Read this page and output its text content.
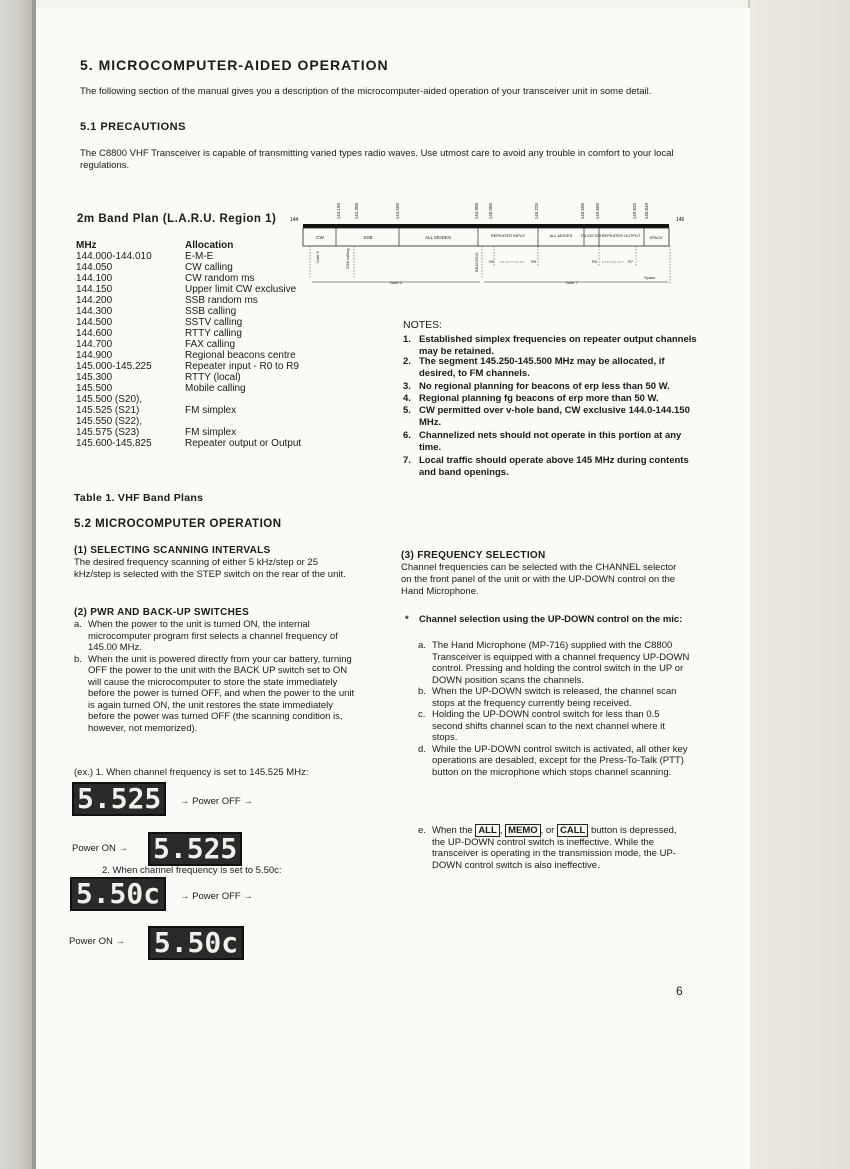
5. MICROCOMPUTER-AIDED OPERATION

The following section of the manual gives you a description of the microcomputer-aided operation of your transceiver unit in some detail.

5.1 PRECAUTIONS

The C8800 VHF Transceiver is capable of transmitting varied types radio waves. Use utmost care to avoid any trouble in comfort to your local regulations.

2m Band Plan (L.A.R.U. Region 1)
MHz	Allocation
144.000-144.010	E-M-E
144.050	CW calling
144.100	CW random ms
144.150	Upper limit CW exclusive
144.200	SSB random ms
144.300	SSB calling
144.500	SSTV calling
144.600	RTTY calling
144.700	FAX calling
144.900	Regional beacons centre
145.000-145.225	Repeater input - R0 to R9
145.300	RTTY (local)
145.500	Mobile calling
145.500 (S20),
145.525 (S21)	FM simplex
145.550 (S22),
145.575 (S23)	FM simplex
145.600-145.825	Repeater output or Output

Table 1. VHF Band Plans

144.150	144.300	144.500	144.900 145.000	145.225	145.500 145.600	145.825 145.849
144	146
CW	SSB	ALL MODES	REPEATER INPUT	ALL MODES FM S20 S23 REPEATER OUTPUT SPACE
Note 5	SSB calling	BEACONS	R0	R9	R0	R7
Note 6	Note 7
Space

NOTES:

1. Established simplex frequencies on repeater output channels may be retained.
2. The segment 145.250-145.500 MHz may be allocated, if desired, to FM channels.
3. No regional planning for beacons of erp less than 50 W.
4. Regional planning fg beacons of erp more than 50 W.
5. CW permitted over v-hole band, CW exclusive 144.0-144.150 MHz.
6. Channelized nets should not operate in this portion at any time.
7. Local traffic should operate above 145 MHz during contents and band openings.
5.2 MICROCOMPUTER OPERATION

(1) SELECTING SCANNING INTERVALS

The desired frequency scanning of either 5 kHz/step or 25 kHz/step is selected with the STEP switch on the rear of the unit.

(2) PWR AND BACK-UP SWITCHES

a. When the power to the unit is turned ON, the internal microcomputer program first selects a channel frequency of 145.00 MHz.
b. When the unit is powered directly from your car battery, turning OFF the power to the unit with the BACK UP switch set to ON will cause the microcomputer to store the state immediately before the power is turned OFF, and when the power to the unit is again turned ON, the unit restores the state immediately before the power was turned OFF (the scanning condition is, however, not memorized).

(ex.) 1. When channel frequency is set to 145.525 MHz:

5.525 → Power OFF →
Power ON → 5.525

2. When channel frequency is set to 5.50c:

5.50c → Power OFF →
Power ON → 5.50c

(3) FREQUENCY SELECTION

Channel frequencies can be selected with the CHANNEL selector on the front panel of the unit or with the UP-DOWN control on the Hand Microphone.

* Channel selection using the UP-DOWN control on the mic:
a. The Hand Microphone (MP-716) supplied with the C8800 Transceiver is equipped with a channel frequency UP-DOWN control. Pressing and holding the control switch in the UP or DOWN position scans the channels.
b. When the UP-DOWN switch is released, the channel scan stops at the frequency currently being received.
c. Holding the UP-DOWN control switch for less than 0.5 second shifts channel scan to the next channel where it stops.
d. While the UP-DOWN control switch is activated, all other key operations are desabled, except for the Press-To-Talk (PTT) button on the microphone which stops channel scanning.
e. When the ALL , MEMO , or CALL button is depressed, the UP-DOWN control switch is ineffective. While the transceiver is operating in the transmission mode, the UP-DOWN control switch is also ineffective.
6
